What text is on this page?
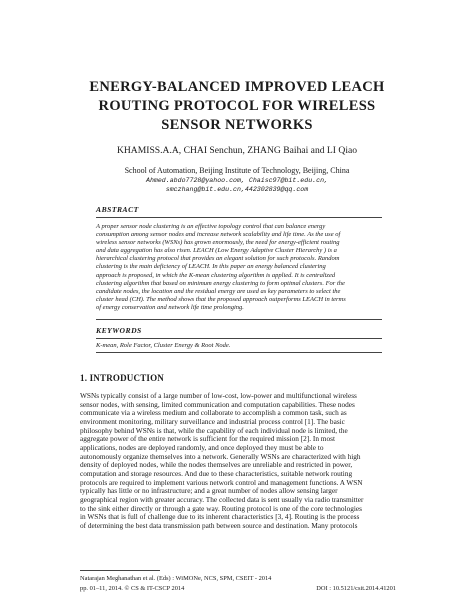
ENERGY-BALANCED IMPROVED LEACH
ROUTING PROTOCOL FOR WIRELESS
SENSOR NETWORKS
KHAMISS.A.A, CHAI Senchun, ZHANG Baihai and LI Qiao
School of Automation, Beijing Institute of Technology, Beijing, China
Ahmed.abdo7728@yahoo.com, Chaisc97@bit.edu.cn,
smczhang@bit.edu.cn,442302839@qq.com
ABSTRACT
A proper sensor node clustering is an effective topology control that can balance energy
consumption among sensor nodes and increase network scalability and life time. As the use of
wireless sensor networks (WSNs) has grown enormously, the need for energy-efficient routing
and data aggregation has also risen. LEACH (Low Energy Adaptive Cluster Hierarchy ) is a
hierarchical clustering protocol that provides an elegant solution for such protocols. Random
clustering is the main deficiency of LEACH. In this paper an energy balanced clustering
approach is proposed, in which the K-mean clustering algorithm is applied. It is centralized
clustering algorithm that based on minimum energy clustering to form optimal clusters. For the
candidate nodes, the location and the residual energy are used as key parameters to select the
cluster head (CH). The method shows that the proposed approach outperforms LEACH in terms
of energy conservation and network life time prolonging.
KEYWORDS
K-mean, Role Factor, Cluster Energy & Root Node.
1. INTRODUCTION
WSNs typically consist of a large number of low-cost, low-power and multifunctional wireless
sensor nodes, with sensing, limited communication and computation capabilities. These nodes
communicate via a wireless medium and collaborate to accomplish a common task, such as
environment monitoring, military surveillance and industrial process control [1]. The basic
philosophy behind WSNs is that, while the capability of each individual node is limited, the
aggregate power of the entire network is sufficient for the required mission [2]. In most
applications, nodes are deployed randomly, and once deployed they must be able to
autonomously organize themselves into a network. Generally WSNs are characterized with high
density of deployed nodes, while the nodes themselves are unreliable and restricted in power,
computation and storage resources. And due to these characteristics, suitable network routing
protocols are required to implement various network control and management functions. A WSN
typically has little or no infrastructure; and a great number of nodes allow sensing larger
geographical region with greater accuracy. The collected data is sent usually via radio transmitter
to the sink either directly or through a gate way. Routing protocol is one of the core technologies
in WSNs that is full of challenge due to its inherent characteristics [3, 4]. Routing is the process
of determining the best data transmission path between source and destination. Many protocols
Natarajan Meghanathan et al. (Eds) : WiMONe, NCS, SPM, CSEIT - 2014
pp. 01–11, 2014. © CS & IT-CSCP 2014	DOI : 10.5121/csit.2014.41201
